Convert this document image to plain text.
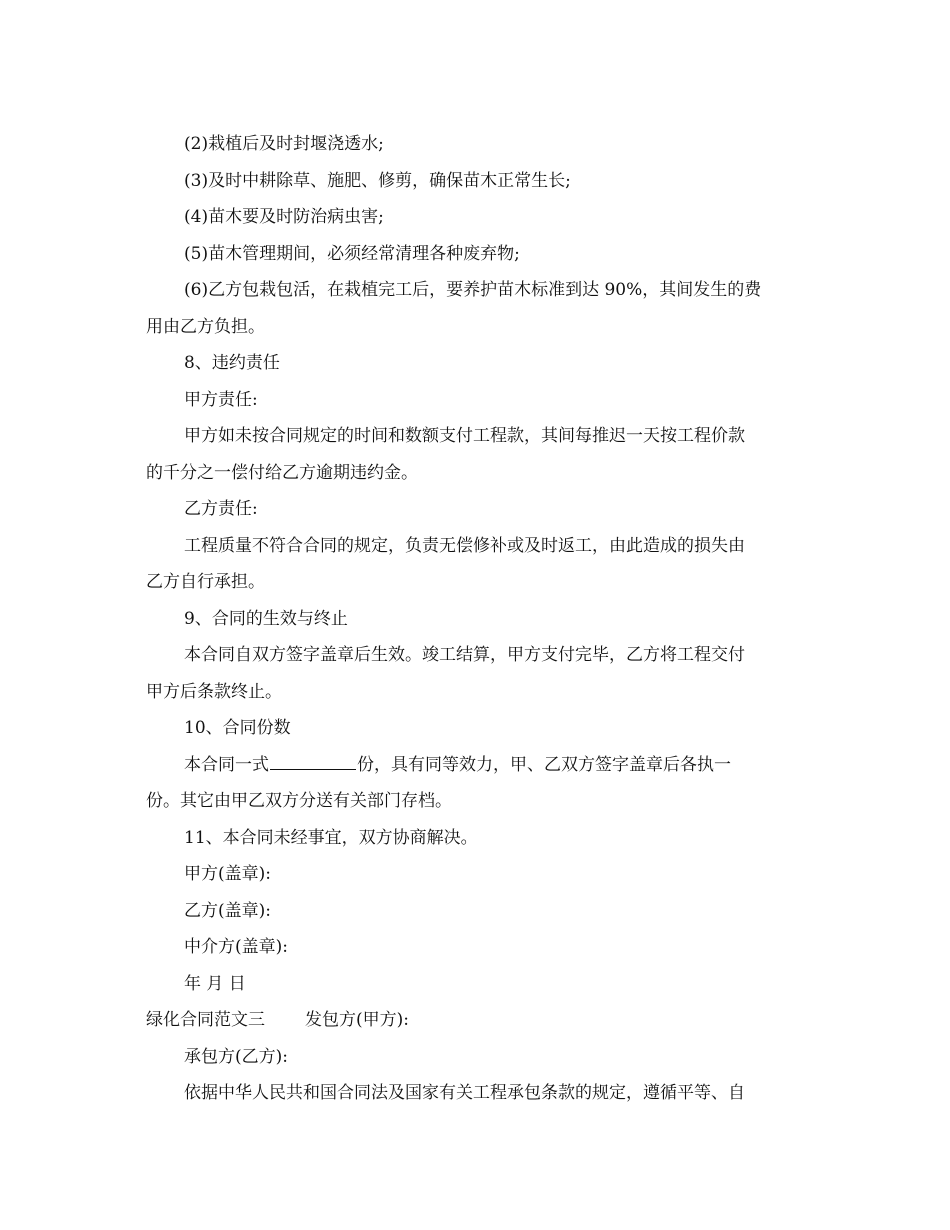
(2)栽植后及时封堰浇透水;
(3)及时中耕除草、施肥、修剪，确保苗木正常生长;
(4)苗木要及时防治病虫害;
(5)苗木管理期间，必须经常清理各种废弃物;
(6)乙方包栽包活，在栽植完工后，要养护苗木标准到达 90%，其间发生的费
用由乙方负担。
8、违约责任
甲方责任:
甲方如未按合同规定的时间和数额支付工程款，其间每推迟一天按工程价款
的千分之一偿付给乙方逾期违约金。
乙方责任:
工程质量不符合合同的规定，负责无偿修补或及时返工，由此造成的损失由
乙方自行承担。
9、合同的生效与终止
本合同自双方签字盖章后生效。竣工结算，甲方支付完毕，乙方将工程交付
甲方后条款终止。
10、合同份数
本合同一式	份，具有同等效力，甲、乙双方签字盖章后各执一
份。其它由甲乙双方分送有关部门存档。
11、本合同未经事宜，双方协商解决。
甲方(盖章):
乙方(盖章):
中介方(盖章):
年 月 日
绿化合同范文三 发包方(甲方):
承包方(乙方):
依据中华人民共和国合同法及国家有关工程承包条款的规定，遵循平等、自
